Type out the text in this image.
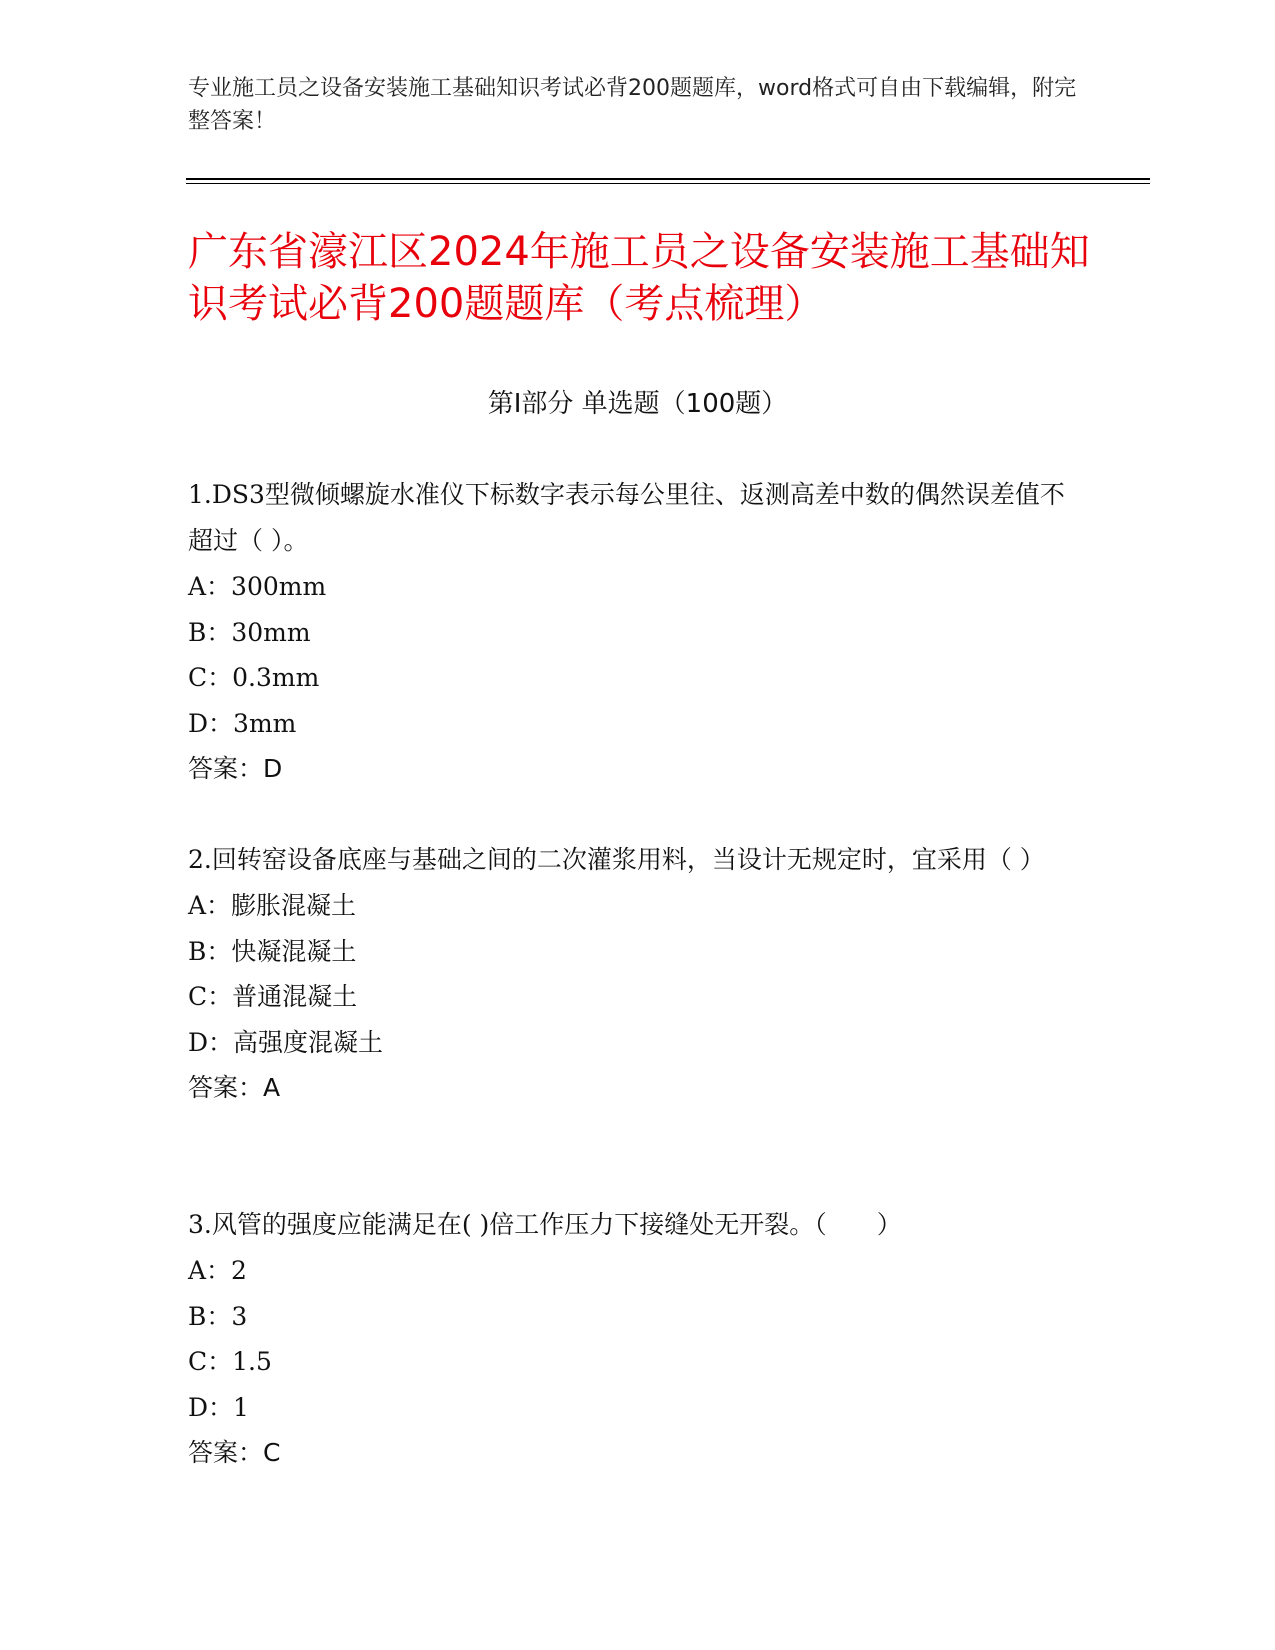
专业施工员之设备安装施工基础知识考试必背200题题库，word格式可自由下载编辑，附完整答案！
广东省濠江区2024年施工员之设备安装施工基础知识考试必背200题题库（考点梳理）
第I部分 单选题（100题）

1.DS3型微倾螺旋水准仪下标数字表示每公里往、返测高差中数的偶然误差值不超过（ ）。

A：300mm

B：30mm

C：0.3mm

D：3mm

答案：D

2.回转窑设备底座与基础之间的二次灌浆用料，当设计无规定时，宜采用（ ）

A：膨胀混凝土

B：快凝混凝土

C：普通混凝土

D：高强度混凝土

答案：A

3.风管的强度应能满足在( )倍工作压力下接缝处无开裂。（　　）

A：2

B：3

C：1.5

D：1

答案：C
